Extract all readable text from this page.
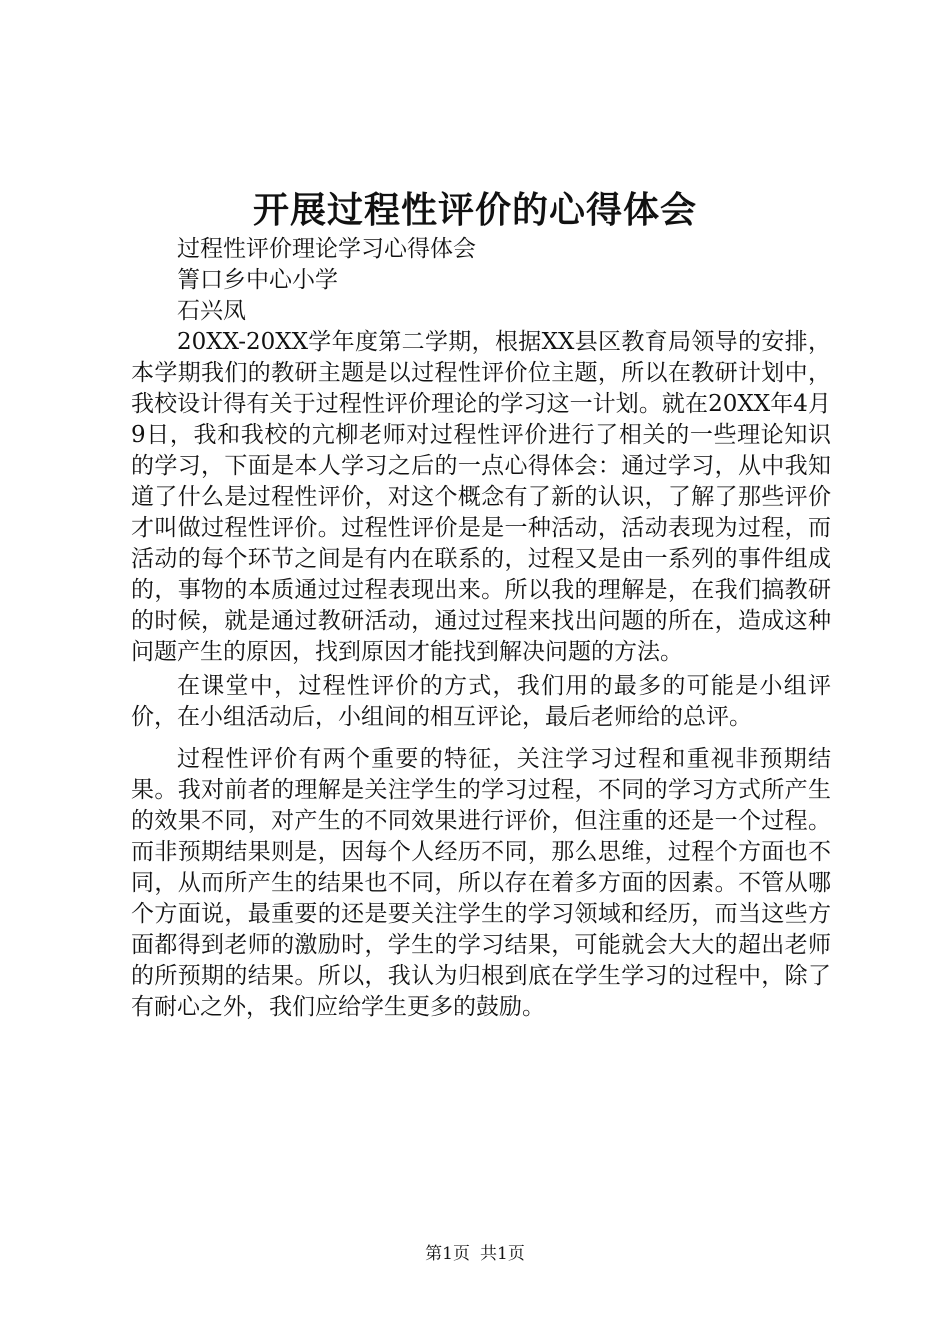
开展过程性评价的心得体会

过程性评价理论学习心得体会

箐口乡中心小学

石兴凤

20XX-20XX学年度第二学期，根据XX县区教育局领导的安排，本学期我们的教研主题是以过程性评价位主题，所以在教研计划中，我校设计得有关于过程性评价理论的学习这一计划。就在20XX年4月9日，我和我校的亢柳老师对过程性评价进行了相关的一些理论知识的学习，下面是本人学习之后的一点心得体会：通过学习，从中我知道了什么是过程性评价，对这个概念有了新的认识，了解了那些评价才叫做过程性评价。过程性评价是是一种活动，活动表现为过程，而活动的每个环节之间是有内在联系的，过程又是由一系列的事件组成的，事物的本质通过过程表现出来。所以我的理解是，在我们搞教研的时候，就是通过教研活动，通过过程来找出问题的所在，造成这种问题产生的原因，找到原因才能找到解决问题的方法。

在课堂中，过程性评价的方式，我们用的最多的可能是小组评价，在小组活动后，小组间的相互评论，最后老师给的总评。

过程性评价有两个重要的特征，关注学习过程和重视非预期结果。我对前者的理解是关注学生的学习过程，不同的学习方式所产生的效果不同，对产生的不同效果进行评价，但注重的还是一个过程。而非预期结果则是，因每个人经历不同，那么思维，过程个方面也不同，从而所产生的结果也不同，所以存在着多方面的因素。不管从哪个方面说，最重要的还是要关注学生的学习领域和经历，而当这些方面都得到老师的激励时，学生的学习结果，可能就会大大的超出老师的所预期的结果。所以，我认为归根到底在学生学习的过程中，除了有耐心之外，我们应给学生更多的鼓励。

第1页 共1页
